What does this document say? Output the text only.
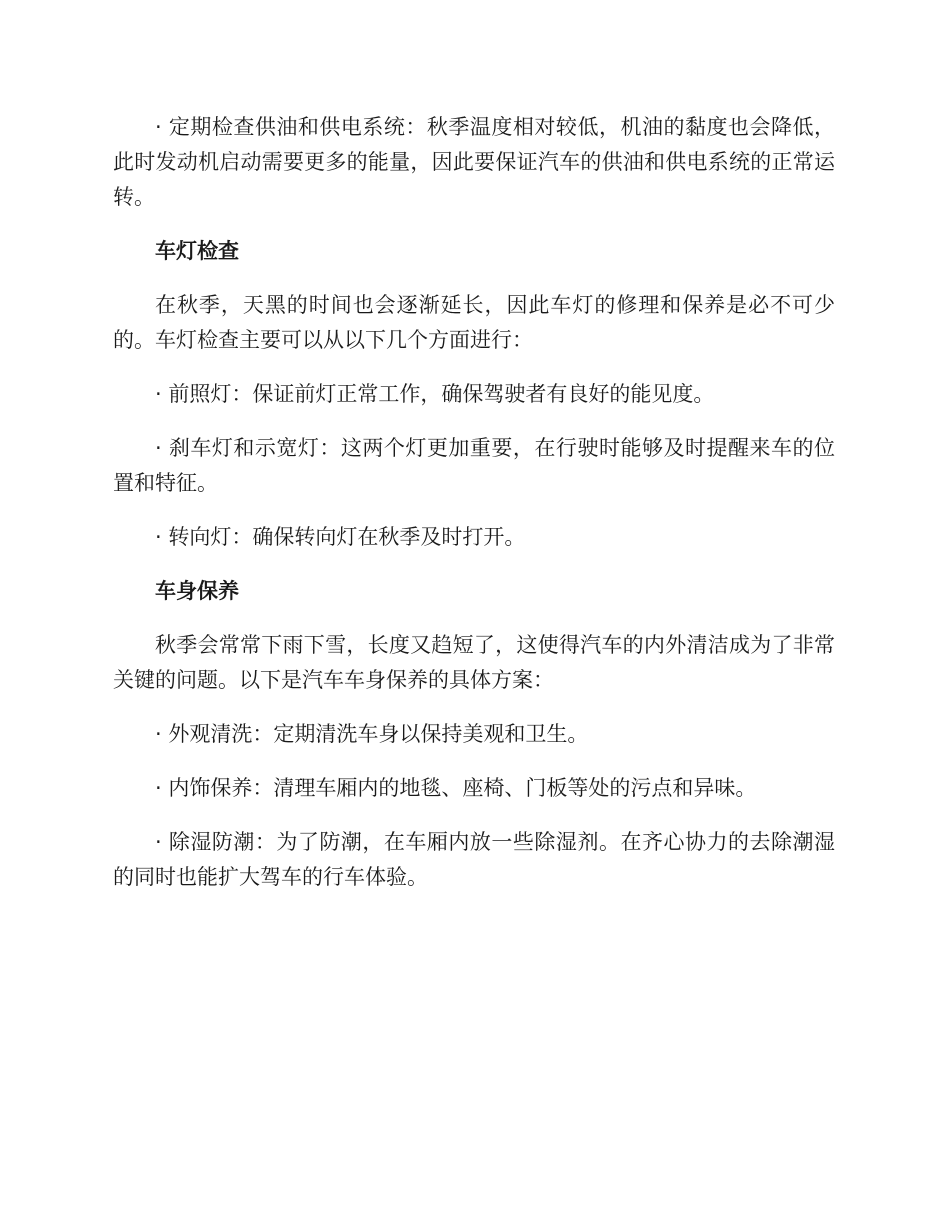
· 定期检查供油和供电系统：秋季温度相对较低，机油的黏度也会降低，此时发动机启动需要更多的能量，因此要保证汽车的供油和供电系统的正常运转。

车灯检查

在秋季，天黑的时间也会逐渐延长，因此车灯的修理和保养是必不可少的。车灯检查主要可以从以下几个方面进行：

· 前照灯：保证前灯正常工作，确保驾驶者有良好的能见度。

· 刹车灯和示宽灯：这两个灯更加重要，在行驶时能够及时提醒来车的位置和特征。

· 转向灯：确保转向灯在秋季及时打开。

车身保养

秋季会常常下雨下雪，长度又趋短了，这使得汽车的内外清洁成为了非常关键的问题。以下是汽车车身保养的具体方案：

· 外观清洗：定期清洗车身以保持美观和卫生。

· 内饰保养：清理车厢内的地毯、座椅、门板等处的污点和异味。

· 除湿防潮：为了防潮，在车厢内放一些除湿剂。在齐心协力的去除潮湿的同时也能扩大驾车的行车体验。
